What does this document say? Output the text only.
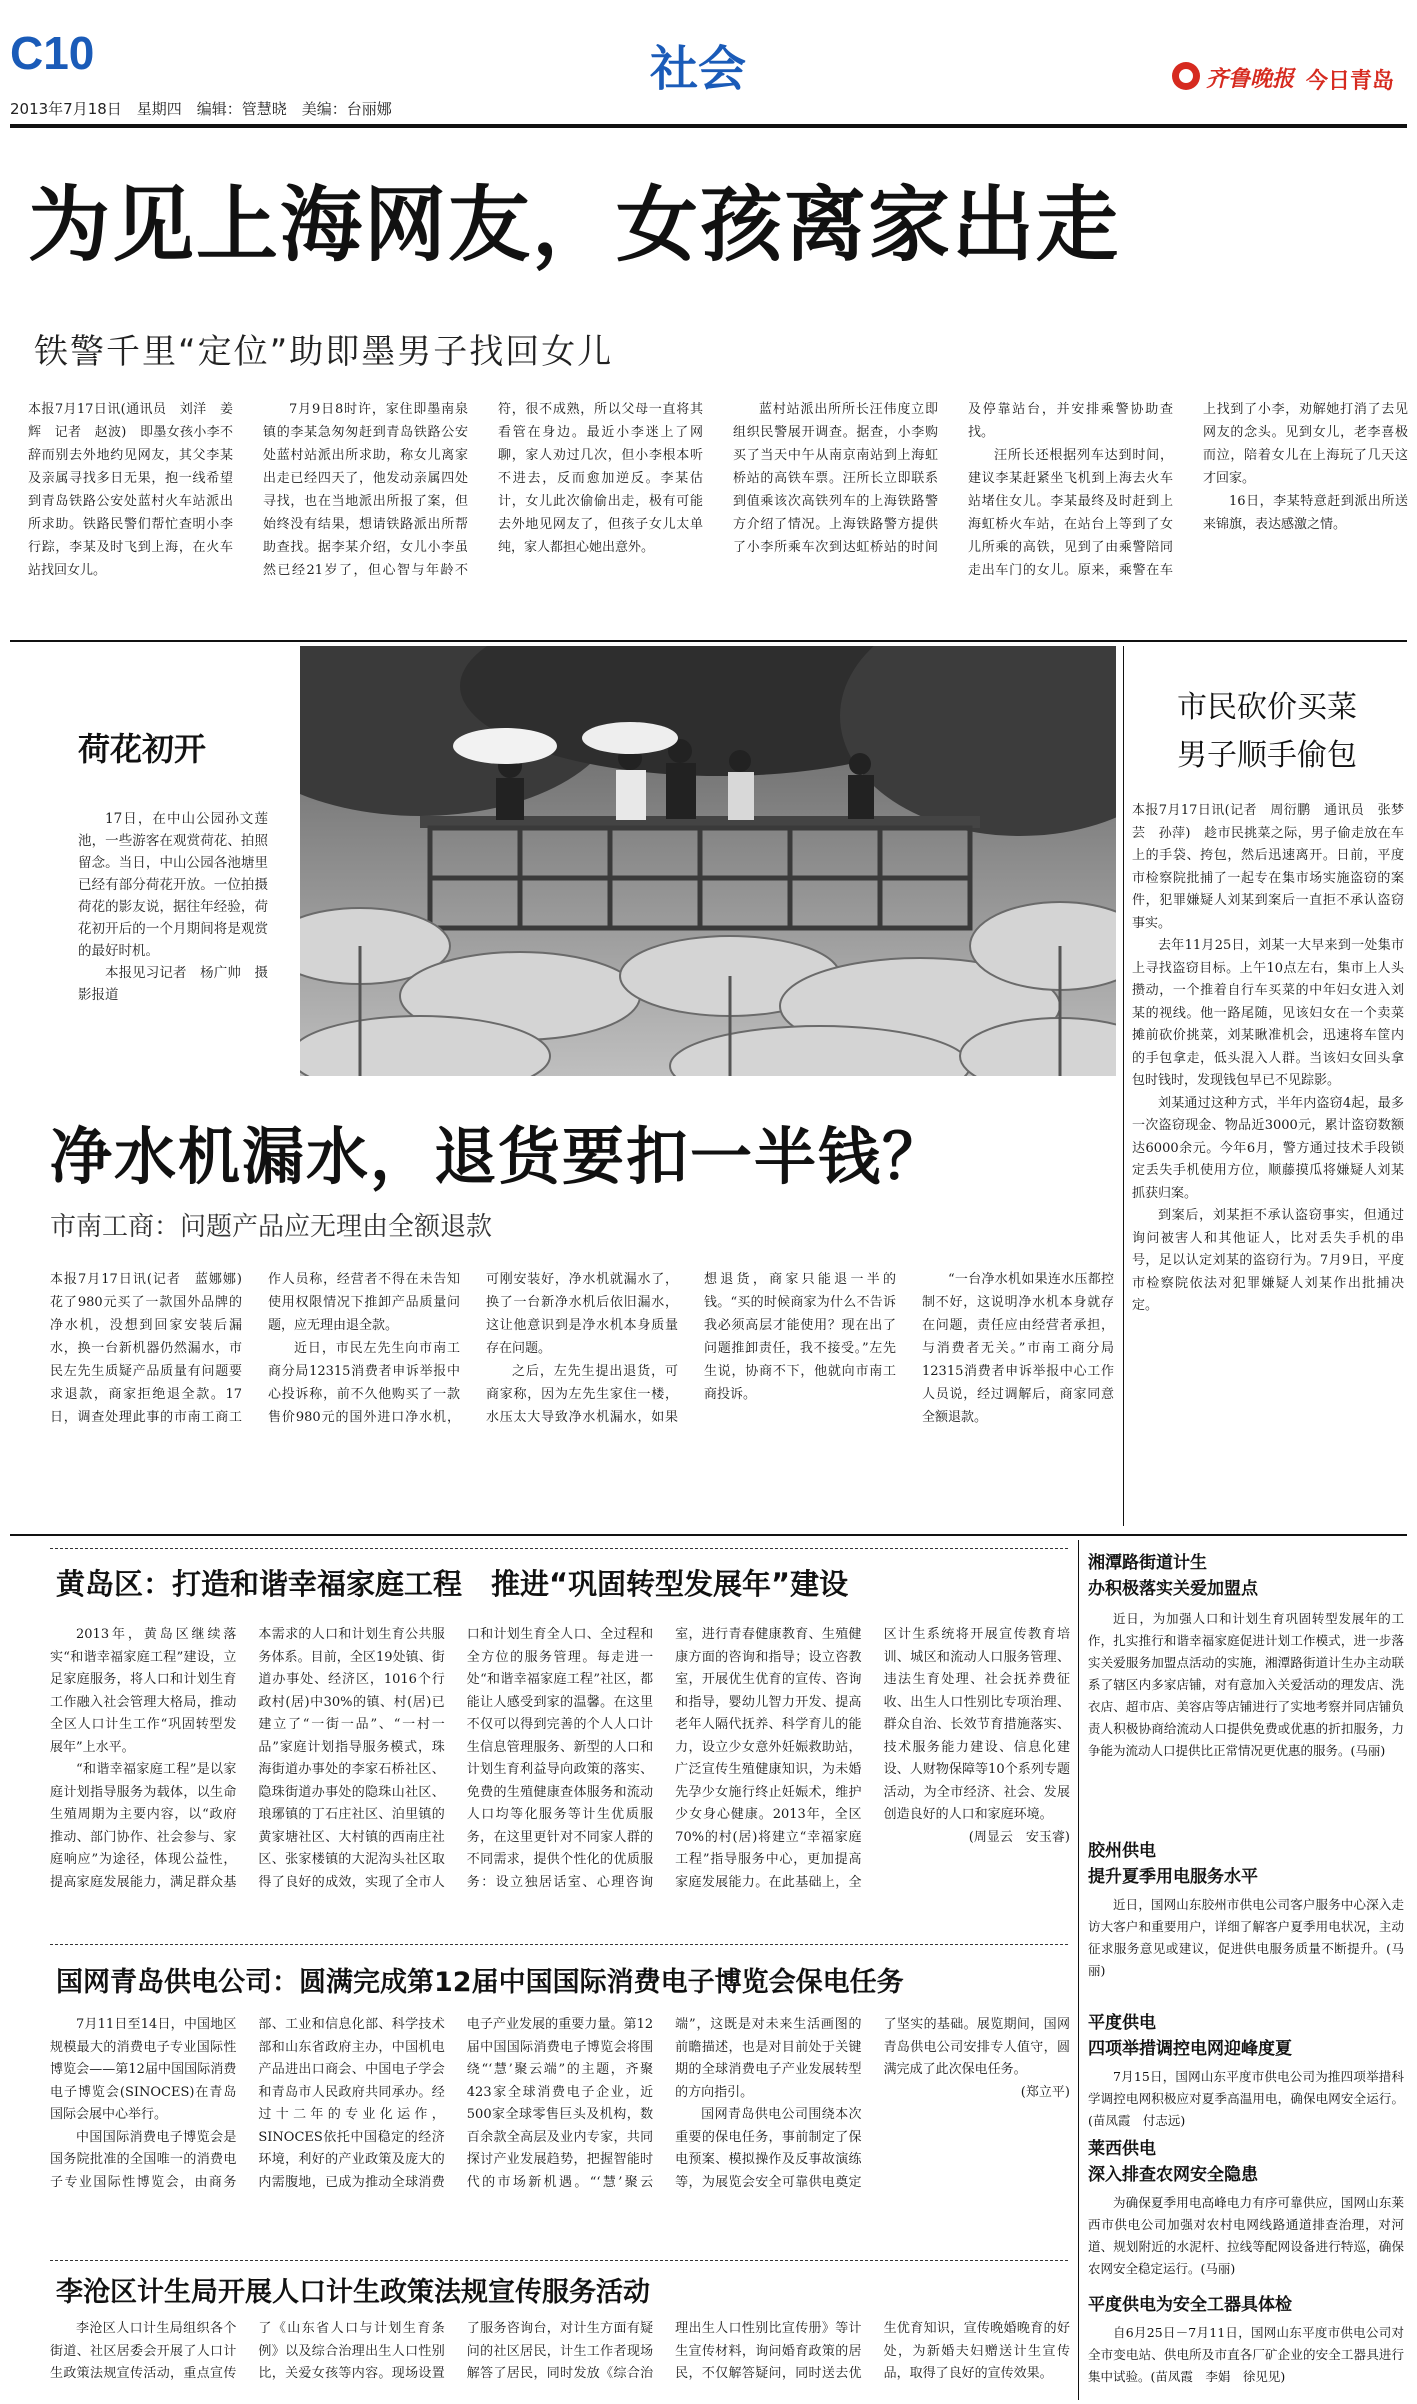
C10
2013年7月18日　星期四　编辑：管慧晓　美编：台丽娜
社会	齐鲁晚报 今日青岛
为见上海网友，女孩离家出走
铁警千里“定位”助即墨男子找回女儿

本报7月17日讯(通讯员　刘洋　姜辉　记者　赵波)　即墨女孩小李不辞而别去外地约见网友，其父李某及亲属寻找多日无果，抱一线希望到青岛铁路公安处蓝村火车站派出所求助。铁路民警们帮忙查明小李行踪，李某及时飞到上海，在火车站找回女儿。

7月9日8时许，家住即墨南泉镇的李某急匆匆赶到青岛铁路公安处蓝村站派出所求助，称女儿离家出走已经四天了，他发动亲属四处寻找，也在当地派出所报了案，但始终没有结果，想请铁路派出所帮助查找。据李某介绍，女儿小李虽然已经21岁了，但心智与年龄不符，很不成熟，所以父母一直将其看管在身边。最近小李迷上了网聊，家人劝过几次，但小李根本听不进去，反而愈加逆反。李某估计，女儿此次偷偷出走，极有可能去外地见网友了，但孩子女儿太单纯，家人都担心她出意外。

蓝村站派出所所长汪伟度立即组织民警展开调查。据查，小李购买了当天中午从南京南站到上海虹桥站的高铁车票。汪所长立即联系到值乘该次高铁列车的上海铁路警方介绍了情况。上海铁路警方提供了小李所乘车次到达虹桥站的时间及停靠站台，并安排乘警协助查找。

汪所长还根据列车达到时间，建议李某赶紧坐飞机到上海去火车站堵住女儿。李某最终及时赶到上海虹桥火车站，在站台上等到了女儿所乘的高铁，见到了由乘警陪同走出车门的女儿。原来，乘警在车上找到了小李，劝解她打消了去见网友的念头。见到女儿，老李喜极而泣，陪着女儿在上海玩了几天这才回家。

16日，李某特意赶到派出所送来锦旗，表达感激之情。

荷花初开
17日，在中山公园孙文莲池，一些游客在观赏荷花、拍照留念。当日，中山公园各池塘里已经有部分荷花开放。一位拍摄荷花的影友说，据往年经验，荷花初开后的一个月期间将是观赏的最好时机。
本报见习记者　杨广帅　摄影报道
市民砍价买菜
男子顺手偷包

本报7月17日讯(记者　周衍鹏　通讯员　张梦芸　孙萍)　趁市民挑菜之际，男子偷走放在车上的手袋、挎包，然后迅速离开。日前，平度市检察院批捕了一起专在集市场实施盗窃的案件，犯罪嫌疑人刘某到案后一直拒不承认盗窃事实。

去年11月25日，刘某一大早来到一处集市上寻找盗窃目标。上午10点左右，集市上人头攒动，一个推着自行车买菜的中年妇女进入刘某的视线。他一路尾随，见该妇女在一个卖菜摊前砍价挑菜，刘某瞅准机会，迅速将车筐内的手包拿走，低头混入人群。当该妇女回头拿包时钱时，发现钱包早已不见踪影。

刘某通过这种方式，半年内盗窃4起，最多一次盗窃现金、物品近3000元，累计盗窃数额达6000余元。今年6月，警方通过技术手段锁定丢失手机使用方位，顺藤摸瓜将嫌疑人刘某抓获归案。

到案后，刘某拒不承认盗窃事实，但通过询问被害人和其他证人，比对丢失手机的串号，足以认定刘某的盗窃行为。7月9日，平度市检察院依法对犯罪嫌疑人刘某作出批捕决定。

净水机漏水，退货要扣一半钱？
市南工商：问题产品应无理由全额退款

本报7月17日讯(记者　蓝娜娜)　花了980元买了一款国外品牌的净水机，没想到回家安装后漏水，换一台新机器仍然漏水，市民左先生质疑产品质量有问题要求退款，商家拒绝退全款。17日，调查处理此事的市南工商工作人员称，经营者不得在未告知使用权限情况下推卸产品质量问题，应无理由退全款。

近日，市民左先生向市南工商分局12315消费者申诉举报中心投诉称，前不久他购买了一款售价980元的国外进口净水机，可刚安装好，净水机就漏水了，换了一台新净水机后依旧漏水，这让他意识到是净水机本身质量存在问题。

之后，左先生提出退货，可商家称，因为左先生家住一楼，水压太大导致净水机漏水，如果想退货，商家只能退一半的钱。“买的时候商家为什么不告诉我必须高层才能使用？现在出了问题推卸责任，我不接受。”左先生说，协商不下，他就向市南工商投诉。

“一台净水机如果连水压都控制不好，这说明净水机本身就存在问题，责任应由经营者承担，与消费者无关。”市南工商分局12315消费者申诉举报中心工作人员说，经过调解后，商家同意全额退款。

黄岛区：打造和谐幸福家庭工程　推进“巩固转型发展年”建设

2013年，黄岛区继续落实“和谐幸福家庭工程”建设，立足家庭服务，将人口和计划生育工作融入社会管理大格局，推动全区人口计生工作“巩固转型发展年”上水平。

“和谐幸福家庭工程”是以家庭计划指导服务为载体，以生命生殖周期为主要内容，以“政府推动、部门协作、社会参与、家庭响应”为途径，体现公益性，提高家庭发展能力，满足群众基本需求的人口和计划生育公共服务体系。目前，全区19处镇、街道办事处、经济区，1016个行政村(居)中30%的镇、村(居)已建立了“一街一品”、“一村一品”家庭计划指导服务模式，珠海街道办事处的李家石桥社区、隐珠街道办事处的隐珠山社区、琅琊镇的丁石庄社区、泊里镇的黄家塘社区、大村镇的西南庄社区、张家楼镇的大泥沟头社区取得了良好的成效，实现了全市人口和计划生育全人口、全过程和全方位的服务管理。每走进一处“和谐幸福家庭工程”社区，都能让人感受到家的温馨。在这里不仅可以得到完善的个人人口计生信息管理服务、新型的人口和计划生育利益导向政策的落实、免费的生殖健康查体服务和流动人口均等化服务等计生优质服务，在这里更针对不同家人群的不同需求，提供个性化的优质服务：设立独居话室、心理咨询室，进行青春健康教育、生殖健康方面的咨询和指导；设立咨教室，开展优生优育的宣传、咨询和指导，婴幼儿智力开发、提高老年人隔代抚养、科学育儿的能力，设立少女意外妊娠救助站，广泛宣传生殖健康知识，为未婚先孕少女施行终止妊娠术，维护少女身心健康。2013年，全区70%的村(居)将建立“幸福家庭工程”指导服务中心，更加提高家庭发展能力。在此基础上，全区计生系统将开展宣传教育培训、城区和流动人口服务管理、违法生育处理、社会抚养费征收、出生人口性别比专项治理、群众自治、长效节育措施落实、技术服务能力建设、信息化建设、人财物保障等10个系列专题活动，为全市经济、社会、发展创造良好的人口和家庭环境。

(周显云　安玉睿)

国网青岛供电公司：圆满完成第12届中国国际消费电子博览会保电任务

7月11日至14日，中国地区规模最大的消费电子专业国际性博览会——第12届中国国际消费电子博览会(SINOCES)在青岛国际会展中心举行。

中国国际消费电子博览会是国务院批准的全国唯一的消费电子专业国际性博览会，由商务部、工业和信息化部、科学技术部和山东省政府主办，中国机电产品进出口商会、中国电子学会和青岛市人民政府共同承办。经过十二年的专业化运作，SINOCES依托中国稳定的经济环境，利好的产业政策及庞大的内需腹地，已成为推动全球消费电子产业发展的重要力量。第12届中国国际消费电子博览会将围绕“‘慧’聚云端”的主题，齐聚423家全球消费电子企业，近500家全球零售巨头及机构，数百余款全高层及业内专家，共同探讨产业发展趋势，把握智能时代的市场新机遇。“‘慧’聚云端”，这既是对未来生活画图的前瞻描述，也是对目前处于关键期的全球消费电子产业发展转型的方向指引。

国网青岛供电公司围绕本次重要的保电任务，事前制定了保电预案、模拟操作及反事故演练等，为展览会安全可靠供电奠定了坚实的基础。展览期间，国网青岛供电公司安排专人值守，圆满完成了此次保电任务。

(郑立平)

李沧区计生局开展人口计生政策法规宣传服务活动

李沧区人口计生局组织各个街道、社区居委会开展了人口计生政策法规宣传活动，重点宣传了《山东省人口与计划生育条例》以及综合治理出生人口性别比，关爱女孩等内容。现场设置了服务咨询台，对计生方面有疑问的社区居民，计生工作者现场解答了居民，同时发放《综合治理出生人口性别比宣传册》等计生宣传材料，询问婚育政策的居民，不仅解答疑问，同时送去优生优育知识，宣传晚婚晚育的好处，为新婚夫妇赠送计生宣传品，取得了良好的宣传效果。

湘潭路街道计生
办积极落实关爱加盟点

近日，为加强人口和计划生育巩固转型发展年的工作，扎实推行和谐幸福家庭促进计划工作模式，进一步落实关爱服务加盟点活动的实施，湘潭路街道计生办主动联系了辖区内多家店铺，对有意加入关爱活动的理发店、洗衣店、超市店、美容店等店铺进行了实地考察并同店铺负责人积极协商给流动人口提供免费或优惠的折扣服务，力争能为流动人口提供比正常情况更优惠的服务。(马丽)

胶州供电
提升夏季用电服务水平

近日，国网山东胶州市供电公司客户服务中心深入走访大客户和重要用户，详细了解客户夏季用电状况，主动征求服务意见或建议，促进供电服务质量不断提升。(马丽)

平度供电
四项举措调控电网迎峰度夏

7月15日，国网山东平度市供电公司为推四项举措科学调控电网积极应对夏季高温用电，确保电网安全运行。(苗凤霞　付志远)

莱西供电
深入排查农网安全隐患

为确保夏季用电高峰电力有序可靠供应，国网山东莱西市供电公司加强对农村电网线路通道排查治理，对河道、规划附近的水泥杆、拉线等配网设备进行特巡，确保农网安全稳定运行。(马丽)

平度供电为安全工器具体检

自6月25日－7月11日，国网山东平度市供电公司对全市变电站、供电所及市直各厂矿企业的安全工器具进行集中试验。(苗凤霞　李娟　徐见见)
